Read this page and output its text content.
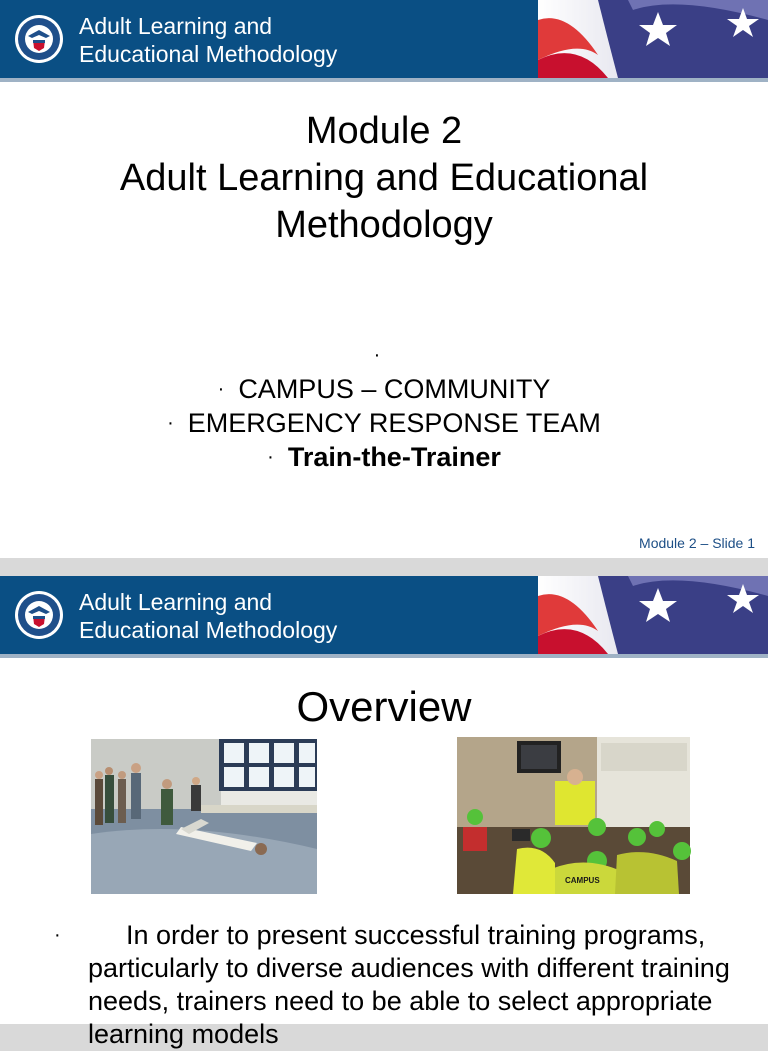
Adult Learning and
Educational Methodology
Module 2
Adult Learning and Educational
Methodology
·
· CAMPUS – COMMUNITY
· EMERGENCY RESPONSE TEAM
· Train-the-Trainer
Module 2 – Slide 1
Adult Learning and
Educational Methodology
Overview
CAMPUS
·	In order to present successful training programs, particularly to diverse audiences with different training needs, trainers need to be able to select appropriate learning models
